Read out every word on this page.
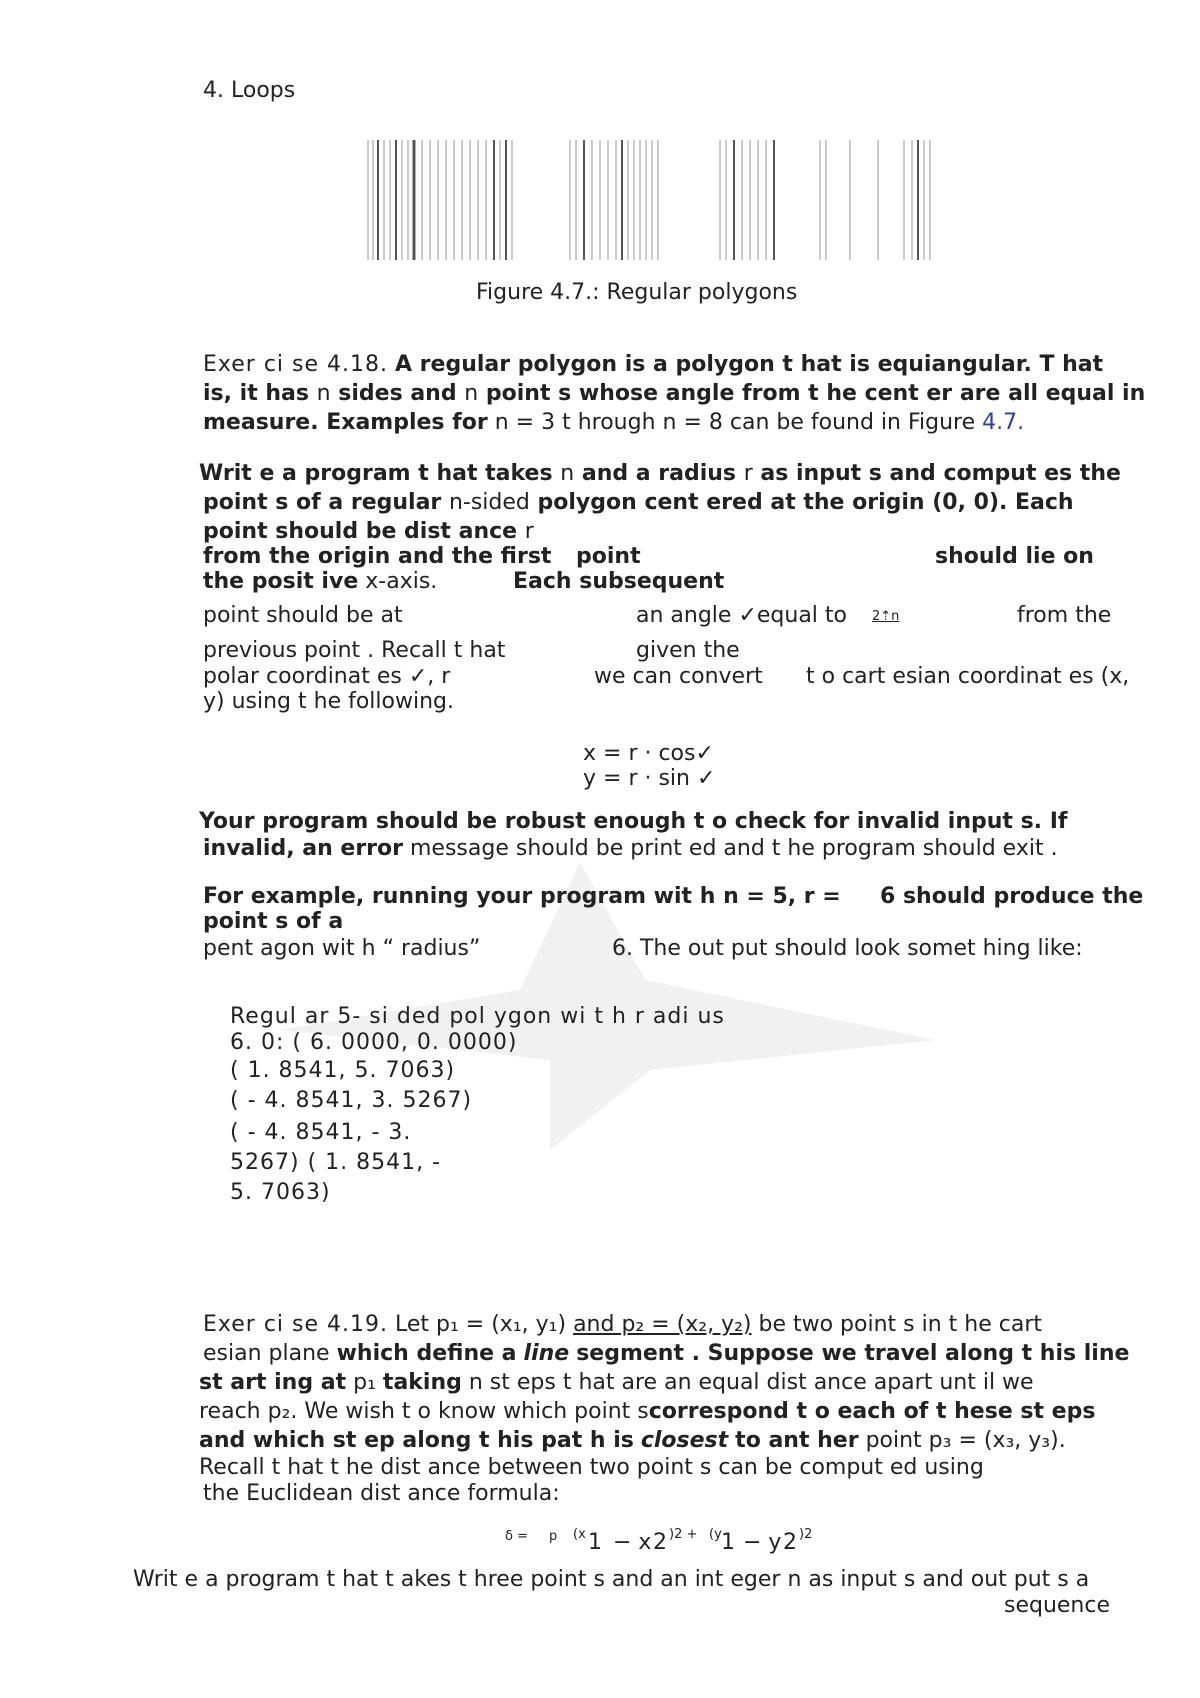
4. Loops
Figure 4.7.: Regular polygons
Exer ci se 4.18. A regular polygon is a polygon t hat is equiangular. T hat
is, it has n sides and n point s whose angle from t he cent er are all equal in
measure. Examples for n = 3 t hrough n = 8 can be found in Figure 4.7.
Writ e a program t hat takes n and a radius r as input s and comput es the
point s of a regular n-sided polygon cent ered at the origin (0, 0). Each
point should be dist ance r
from the origin and the first point	should lie on
the posit ive x-axis.	Each subsequent
point should be at	an angle ✓equal to 2⇡n	from the
previous point . Recall t hat	given the
polar coordinat es ✓, r	we can convert t o cart esian coordinat es (x,
y) using t he following.
x = r · cos✓
y = r · sin ✓
Your program should be robust enough t o check for invalid input s. If
invalid, an error message should be print ed and t he program should exit .
For example, running your program wit h n = 5, r = 6 should produce the
point s of a
pent agon wit h “ radius”	6. The out put should look somet hing like:
Regul ar 5- si ded pol ygon wi t h r adi us
6. 0: ( 6. 0000, 0. 0000)
( 1. 8541, 5. 7063)
( - 4. 8541, 3. 5267)
( - 4. 8541, - 3.
5267) ( 1. 8541, -
5. 7063)
Exer ci se 4.19. Let p₁ = (x₁, y₁) and p₂ = (x₂, y₂) be two point s in t he cart
esian plane which define a line segment . Suppose we travel along t his line
st art ing at p₁ taking n st eps t hat are an equal dist ance apart unt il we
reach p₂. We wish t o know which point scorrespond t o each of t hese st eps
and which st ep along t his pat h is closest to ant her point p₃ = (x₃, y₃).
Recall t hat t he dist ance between two point s can be comput ed using
the Euclidean dist ance formula:
δ = p (x 1 − x 2 )2 + (y 1 − y 2 )2
Writ e a program t hat t akes t hree point s and an int eger n as input s and out put s a
sequence
